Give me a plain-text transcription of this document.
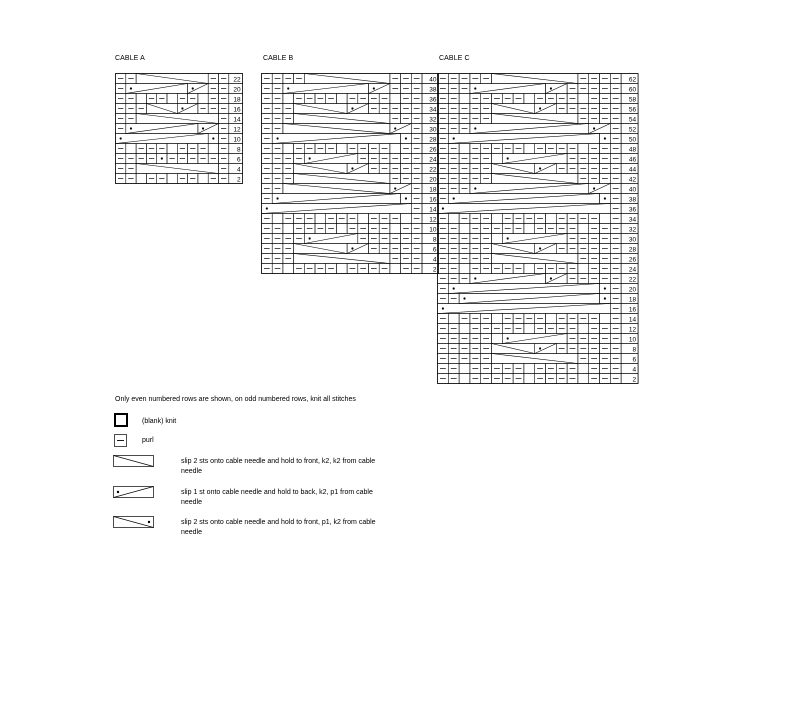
CABLE A	CABLE B	CABLE C
22
20
18
16
14
12
10
8
6
4
2
40
38
36
34
32
30
28
26
24
22
20
18
16
14
12
10
8
6
4
2
62
60
58
56
54
52
50
48
46
44
42
40
38
36
34
32
30
28
26
24
22
20
18
16
14
12
10
8
6
4
2
Only even numbered rows are shown, on odd numbered rows, knit all stitches
(blank) knit
purl
slip 2 sts onto cable needle and hold to front, k2, k2 from cable needle
slip 1 st onto cable needle and hold to back, k2, p1 from cable needle
slip 2 sts onto cable needle and hold to front, p1, k2 from cable needle
